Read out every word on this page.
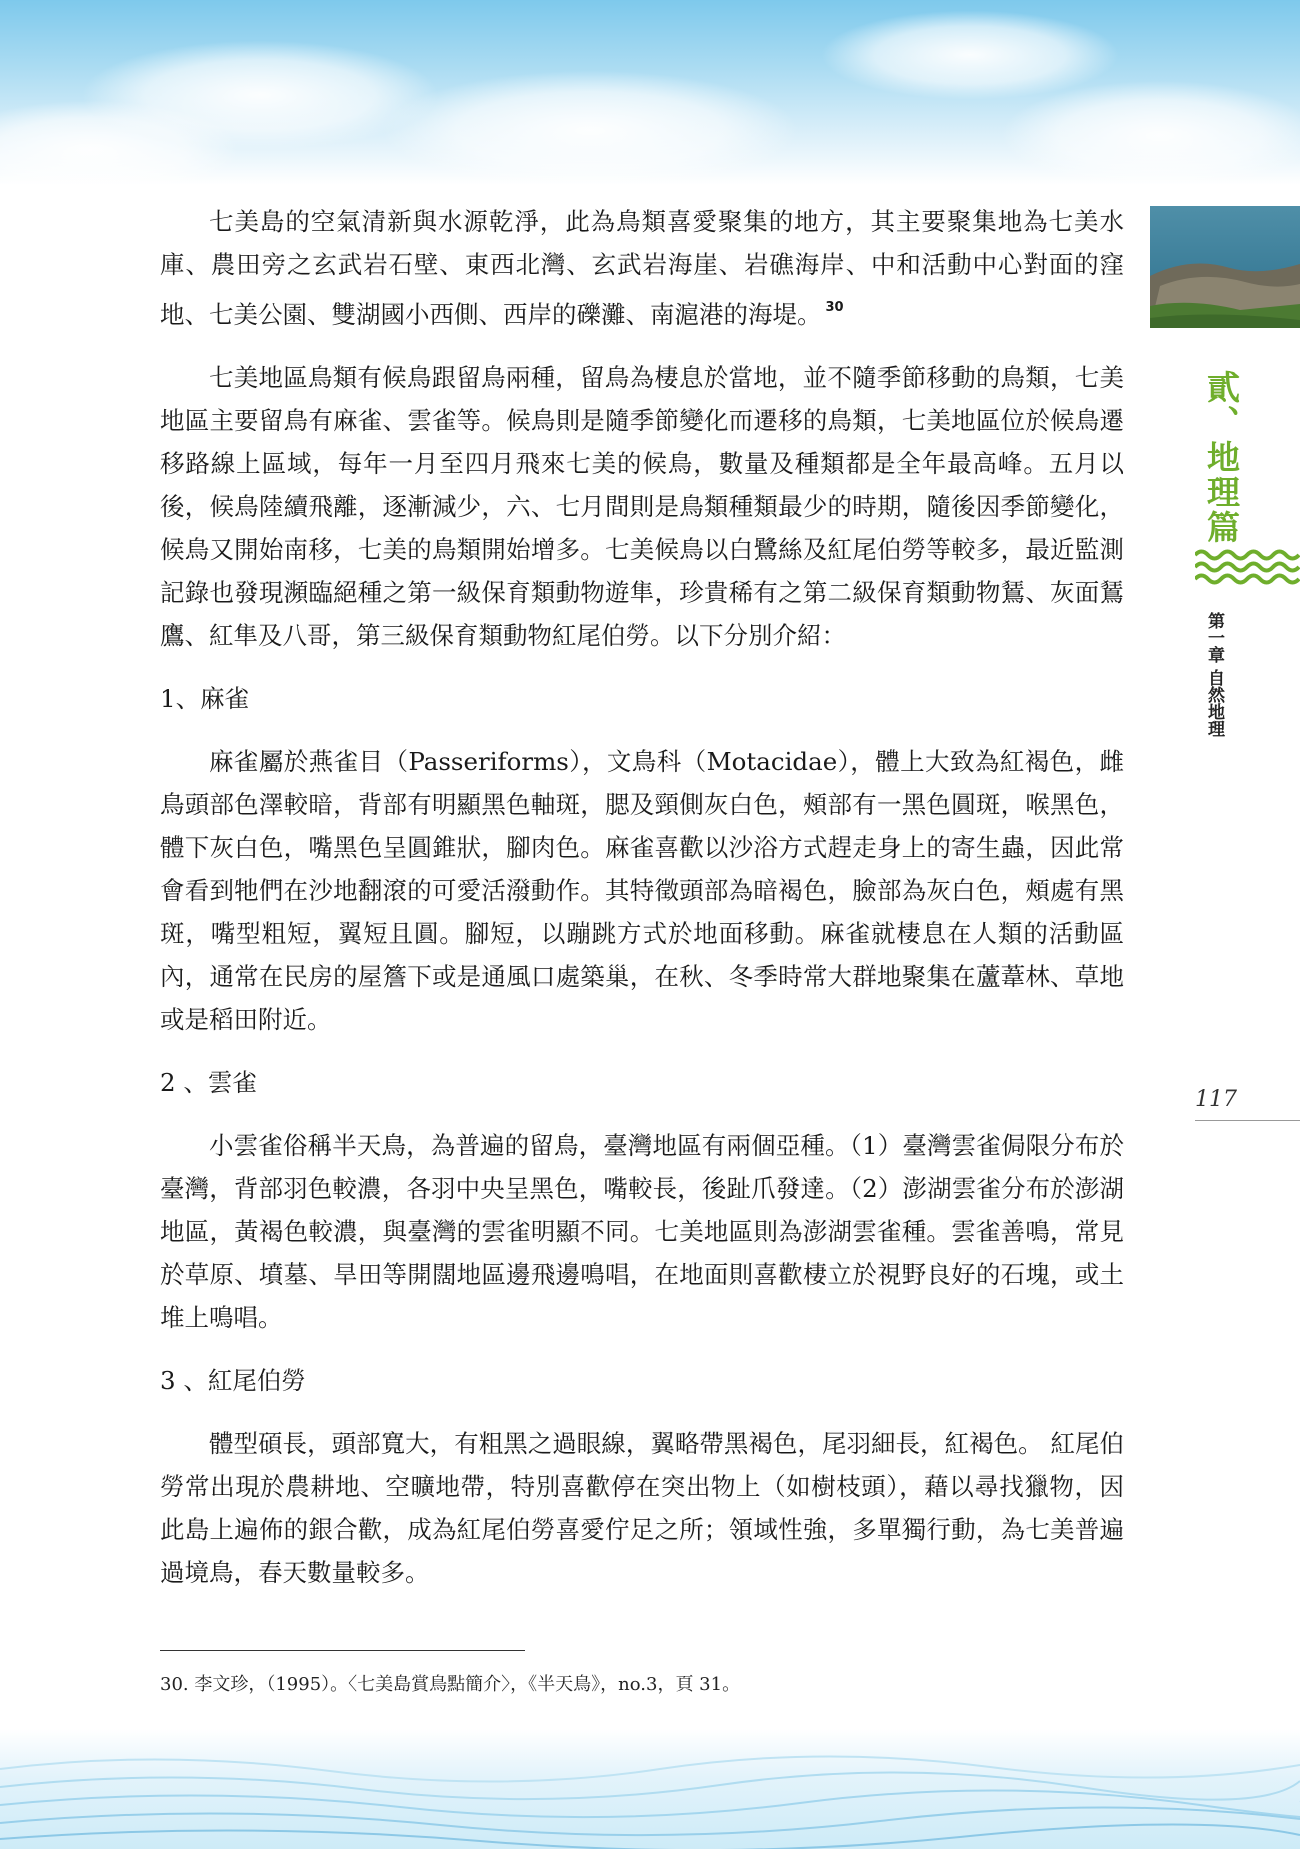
貳、地理篇
第一章 自然地理
117

七美島的空氣清新與水源乾淨，此為鳥類喜愛聚集的地方，其主要聚集地為七美水庫、農田旁之玄武岩石壁、東西北灣、玄武岩海崖、岩礁海岸、中和活動中心對面的窪地、七美公園、雙湖國小西側、西岸的礫灘、南滬港的海堤。 $^{30}$

七美地區鳥類有候鳥跟留鳥兩種，留鳥為棲息於當地，並不隨季節移動的鳥類，七美地區主要留鳥有麻雀、雲雀等。候鳥則是隨季節變化而遷移的鳥類，七美地區位於候鳥遷移路線上區域，每年一月至四月飛來七美的候鳥，數量及種類都是全年最高峰。五月以後，候鳥陸續飛離，逐漸減少，六、七月間則是鳥類種類最少的時期，隨後因季節變化，候鳥又開始南移，七美的鳥類開始增多。七美候鳥以白鷺絲及紅尾伯勞等較多，最近監測記錄也發現瀕臨絕種之第一級保育類動物遊隼，珍貴稀有之第二級保育類動物鵟、灰面鵟鷹、紅隼及八哥，第三級保育類動物紅尾伯勞。以下分別介紹：

1、麻雀

麻雀屬於燕雀目（Passeriforms），文鳥科（Motacidae），體上大致為紅褐色，雌鳥頭部色澤較暗，背部有明顯黑色軸斑，腮及頸側灰白色，頰部有一黑色圓斑，喉黑色，體下灰白色，嘴黑色呈圓錐狀，腳肉色。麻雀喜歡以沙浴方式趕走身上的寄生蟲，因此常會看到牠們在沙地翻滾的可愛活潑動作。其特徵頭部為暗褐色，臉部為灰白色，頰處有黑斑，嘴型粗短，翼短且圓。腳短，以蹦跳方式於地面移動。麻雀就棲息在人類的活動區內，通常在民房的屋簷下或是通風口處築巢，在秋、冬季時常大群地聚集在蘆葦林、草地或是稻田附近。

2 、雲雀

小雲雀俗稱半天鳥，為普遍的留鳥，臺灣地區有兩個亞種。（1）臺灣雲雀侷限分布於臺灣，背部羽色較濃，各羽中央呈黑色，嘴較長，後趾爪發達。（2）澎湖雲雀分布於澎湖地區，黃褐色較濃，與臺灣的雲雀明顯不同。七美地區則為澎湖雲雀種。雲雀善鳴，常見於草原、墳墓、旱田等開闊地區邊飛邊鳴唱，在地面則喜歡棲立於視野良好的石塊，或土堆上鳴唱。

3 、紅尾伯勞

體型碩長，頭部寬大，有粗黑之過眼線，翼略帶黑褐色，尾羽細長，紅褐色。 紅尾伯勞常出現於農耕地、空曠地帶，特別喜歡停在突出物上（如樹枝頭），藉以尋找獵物，因此島上遍佈的銀合歡，成為紅尾伯勞喜愛佇足之所；領域性強，多單獨行動，為七美普遍過境鳥，春天數量較多。

30. 李文珍，（1995）。〈七美島賞鳥點簡介〉，《半天鳥》，no.3，頁 31。
